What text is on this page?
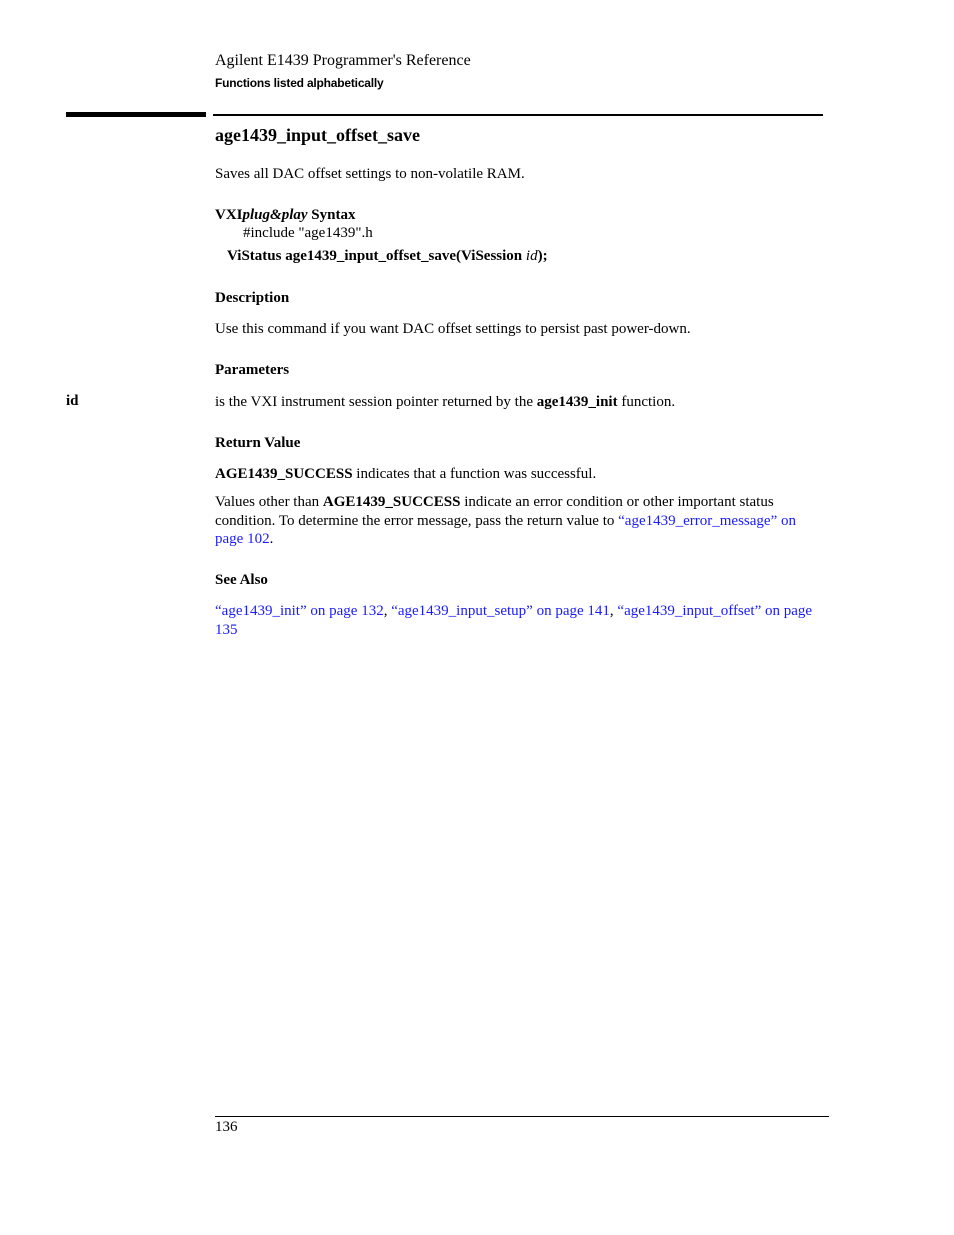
Agilent E1439 Programmer's Reference
Functions listed alphabetically
age1439_input_offset_save
Saves all DAC offset settings to non-volatile RAM.
VXIplug&play Syntax
#include "age1439".h
ViStatus age1439_input_offset_save(ViSession id);
Description
Use this command if you want DAC offset settings to persist past power-down.
Parameters
id	is the VXI instrument session pointer returned by the age1439_init function.
Return Value
AGE1439_SUCCESS indicates that a function was successful.
Values other than AGE1439_SUCCESS indicate an error condition or other important status condition. To determine the error message, pass the return value to “age1439_error_message” on page 102.
See Also
“age1439_init” on page 132, “age1439_input_setup” on page 141, “age1439_input_offset” on page 135
136
